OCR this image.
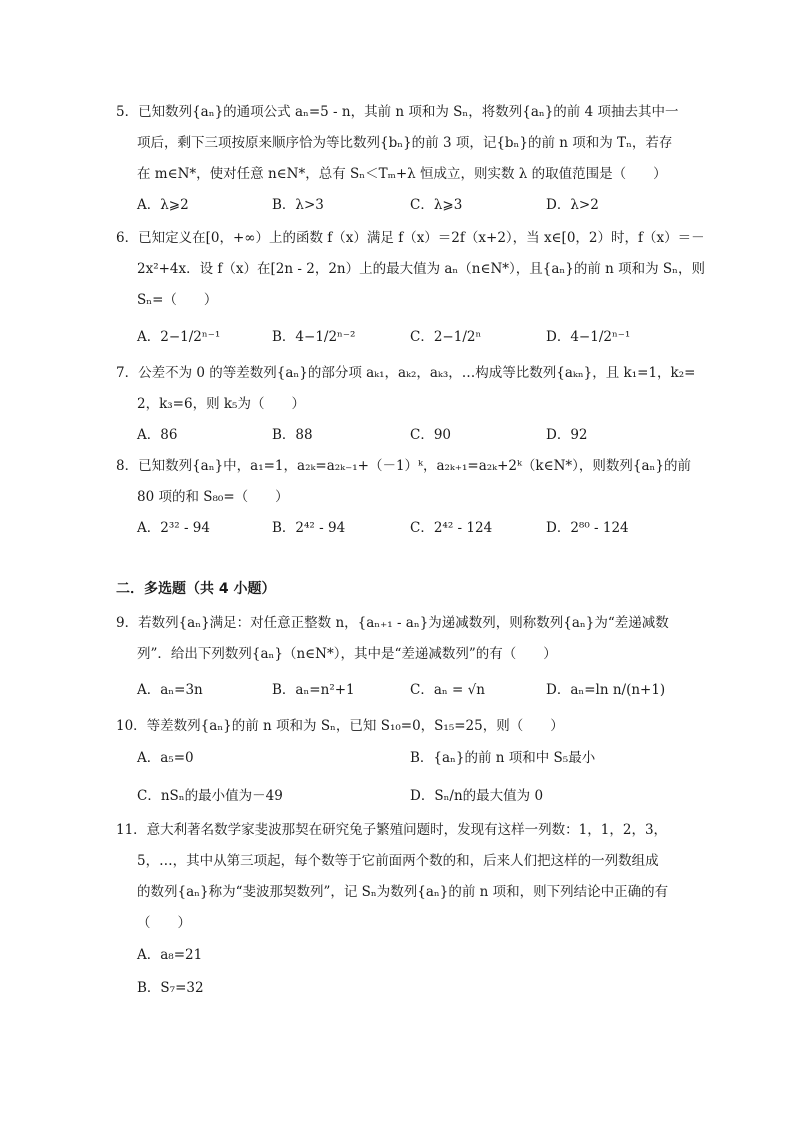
5．已知数列{aₙ}的通项公式 aₙ=5 - n，其前 n 项和为 Sₙ，将数列{aₙ}的前 4 项抽去其中一
项后，剩下三项按原来顺序恰为等比数列{bₙ}的前 3 项，记{bₙ}的前 n 项和为 Tₙ，若存
在 m∈N*，使对任意 n∈N*，总有 Sₙ＜Tₘ+λ 恒成立，则实数 λ 的取值范围是（　　）
A．λ⩾2	B．λ>3	C．λ⩾3	D．λ>2
6．已知定义在[0，+∞）上的函数 f（x）满足 f（x）＝2f（x+2），当 x∈[0，2）时，f（x）＝－
2x²+4x．设 f（x）在[2n - 2，2n）上的最大值为 aₙ（n∈N*），且{aₙ}的前 n 项和为 Sₙ，则
Sₙ=（　　）
A．2−1/2ⁿ⁻¹	B．4−1/2ⁿ⁻²	C．2−1/2ⁿ	D．4−1/2ⁿ⁻¹
7．公差不为 0 的等差数列{aₙ}的部分项 aₖ₁，aₖ₂，aₖ₃，…构成等比数列{aₖₙ}，且 k₁=1，k₂=
2，k₃=6，则 k₅为（　　）
A．86	B．88	C．90	D．92
8．已知数列{aₙ}中，a₁=1，a₂ₖ=a₂ₖ₋₁+（－1）ᵏ，a₂ₖ₊₁=a₂ₖ+2ᵏ（k∈N*），则数列{aₙ}的前
80 项的和 S₈₀=（　　）
A．2³² - 94	B．2⁴² - 94	C．2⁴² - 124	D．2⁸⁰ - 124
二．多选题（共 4 小题）
9．若数列{aₙ}满足：对任意正整数 n，{aₙ₊₁ - aₙ}为递减数列，则称数列{aₙ}为“差递减数
列”．给出下列数列{aₙ}（n∈N*），其中是“差递减数列”的有（　　）
A．aₙ=3n	B．aₙ=n²+1	C．aₙ = √n	D．aₙ=ln n/(n+1)
10．等差数列{aₙ}的前 n 项和为 Sₙ，已知 S₁₀=0，S₁₅=25，则（　　）
A．a₅=0	B．{aₙ}的前 n 项和中 S₅最小
C．nSₙ的最小值为－49	D．Sₙ/n的最大值为 0
11．意大利著名数学家斐波那契在研究兔子繁殖问题时，发现有这样一列数：1，1，2，3，
5，…，其中从第三项起，每个数等于它前面两个数的和，后来人们把这样的一列数组成
的数列{aₙ}称为“斐波那契数列”，记 Sₙ为数列{aₙ}的前 n 项和，则下列结论中正确的有
（　　）
A．a₈=21
B．S₇=32
